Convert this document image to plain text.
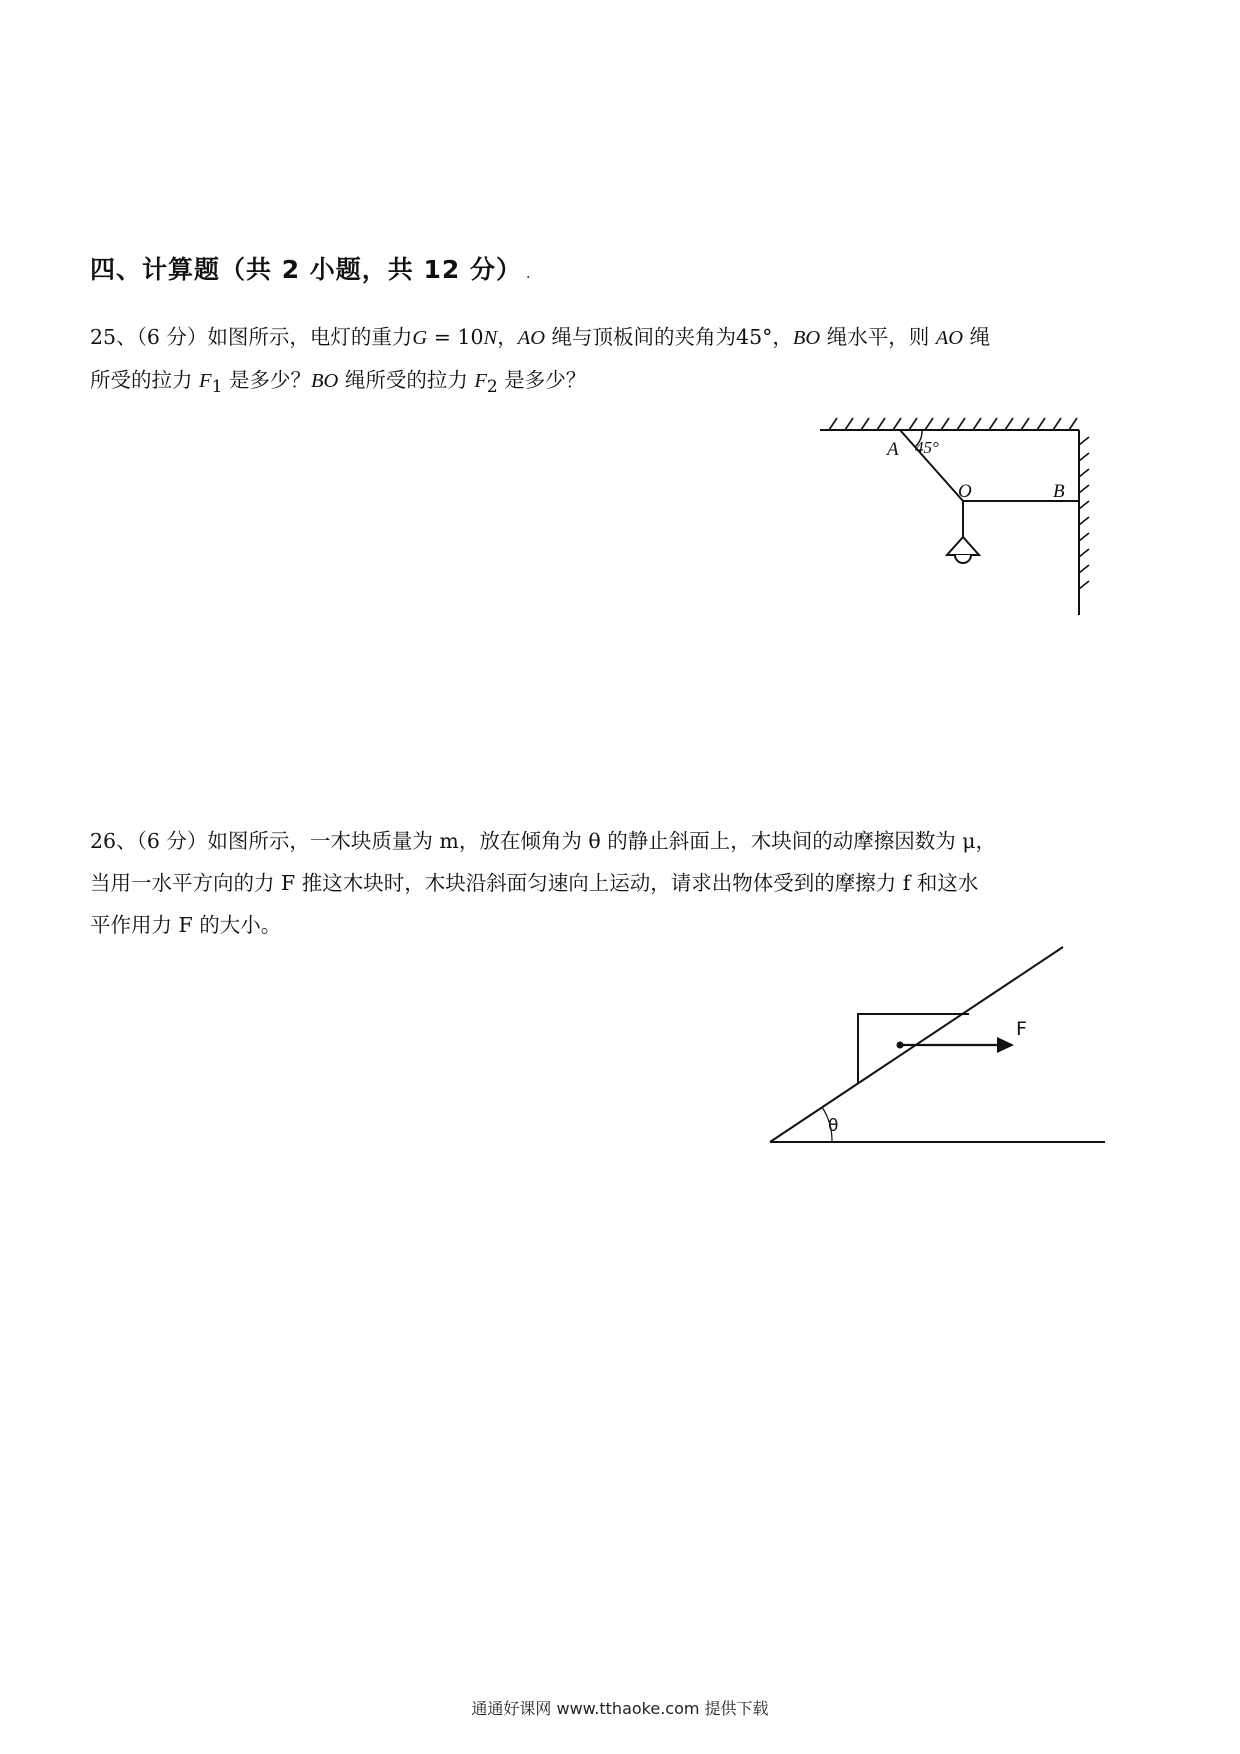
四、计算题（共 2 小题，共 12 分） .
25、（6 分）如图所示，电灯的重力G = 10N，AO 绳与顶板间的夹角为45°，BO 绳水平，则 AO 绳
所受的拉力 $F_1$ 是多少？BO 绳所受的拉力 $F_2$ 是多少？
A 45°
O	B
26、（6 分）如图所示，一木块质量为 m，放在倾角为 θ 的静止斜面上，木块间的动摩擦因数为 μ，
当用一水平方向的力 F 推这木块时，木块沿斜面匀速向上运动，请求出物体受到的摩擦力 f 和这水
平作用力 F 的大小。
F
θ
通通好课网 www.tthaoke.com 提供下载
